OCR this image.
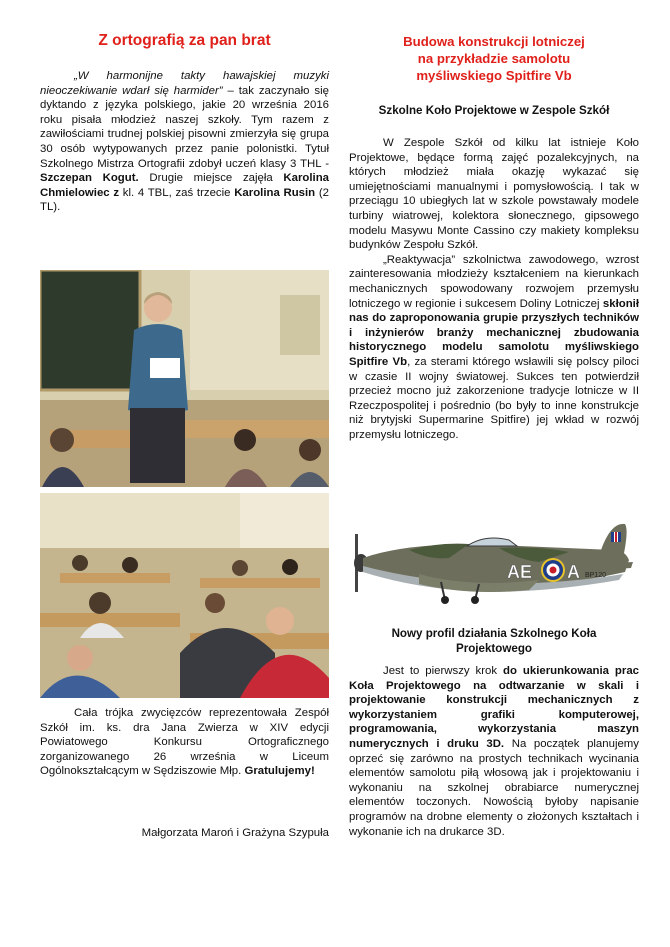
Z ortografią za pan brat

„W harmonijne takty hawajskiej muzyki nieoczekiwanie wdarł się harmider” – tak zaczynało się dyktando z języka polskiego, jakie 20 września 2016 roku pisała młodzież naszej szkoły. Tym razem z zawiłościami trudnej polskiej pisowni zmierzyła się grupa 30 osób wytypowanych przez panie polonistki. Tytuł Szkolnego Mistrza Ortografii zdobył uczeń klasy 3 THL - Szczepan Kogut. Drugie miejsce zajęła Karolina Chmielowiec z kl. 4 TBL, zaś trzecie Karolina Rusin (2 TL).

Cała trójka zwycięzców reprezentowała Zespół Szkół im. ks. dra Jana Zwierza w XIV edycji Powiatowego Konkursu Ortograficznego zorganizowanego 26 września w Liceum Ogólnokształcącym w Sędziszowie Młp. Gratulujemy!

Małgorzata Maroń i Grażyna Szypuła

Budowa konstrukcji lotniczej
na przykładzie samolotu
myśliwskiego Spitfire Vb
Szkolne Koło Projektowe w Zespole Szkół

W Zespole Szkół od kilku lat istnieje Koło Projektowe, będące formą zajęć pozalekcyjnych, na których młodzież miała okazję wykazać się umiejętnościami manualnymi i pomysłowością. I tak w przeciągu 10 ubiegłych lat w szkole powstawały modele turbiny wiatrowej, kolektora słonecznego, gipsowego modelu Masywu Monte Cassino czy makiety kompleksu budynków Zespołu Szkół.

„Reaktywacja” szkolnictwa zawodowego, wzrost zainteresowania młodzieży kształceniem na kierunkach mechanicznych spowodowany rozwojem przemysłu lotniczego w regionie i sukcesem Doliny Lotniczej skłonił nas do zaproponowania grupie przyszłych techników i inżynierów branży mechanicznej zbudowania historycznego modelu samolotu myśliwskiego Spitfire Vb, za sterami którego wsławili się polscy piloci w czasie II wojny światowej. Sukces ten potwierdził przecież mocno już zakorzenione tradycje lotnicze w II Rzeczpospolitej i pośrednio (bo były to inne konstrukcje niż brytyjski Supermarine Spitfire) jej wkład w rozwój przemysłu lotniczego.

AE A BP120
Nowy profil działania Szkolnego Koła Projektowego

Jest to pierwszy krok do ukierunkowania prac Koła Projektowego na odtwarzanie w skali i projektowanie konstrukcji mechanicznych z wykorzystaniem grafiki komputerowej, programowania, wykorzystania maszyn numerycznych i druku 3D. Na początek planujemy oprzeć się zarówno na prostych technikach wycinania elementów samolotu piłą włosową jak i projektowaniu i wykonaniu na szkolnej obrabiarce numerycznej elementów toczonych. Nowością byłoby napisanie programów na drobne elementy o złożonych kształtach i wykonanie ich na drukarce 3D.
